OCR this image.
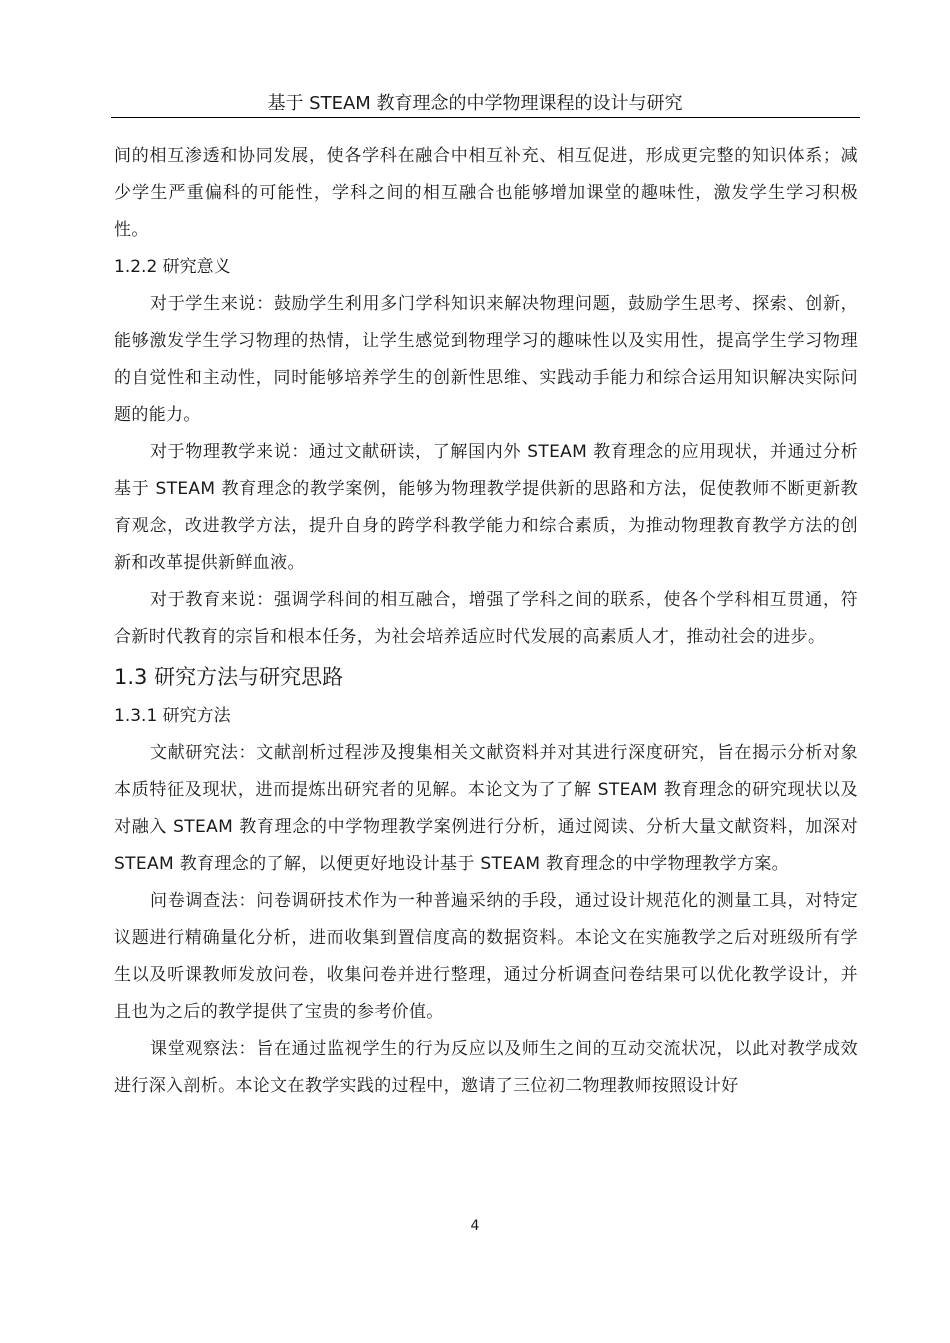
基于 STEAM 教育理念的中学物理课程的设计与研究

间的相互渗透和协同发展，使各学科在融合中相互补充、相互促进，形成更完整的知识体系；减少学生严重偏科的可能性，学科之间的相互融合也能够增加课堂的趣味性，激发学生学习积极性。

1.2.2 研究意义

对于学生来说：鼓励学生利用多门学科知识来解决物理问题，鼓励学生思考、探索、创新，能够激发学生学习物理的热情，让学生感觉到物理学习的趣味性以及实用性，提高学生学习物理的自觉性和主动性，同时能够培养学生的创新性思维、实践动手能力和综合运用知识解决实际问题的能力。

对于物理教学来说：通过文献研读，了解国内外 STEAM 教育理念的应用现状，并通过分析基于 STEAM 教育理念的教学案例，能够为物理教学提供新的思路和方法，促使教师不断更新教育观念，改进教学方法，提升自身的跨学科教学能力和综合素质，为推动物理教育教学方法的创新和改革提供新鲜血液。

对于教育来说：强调学科间的相互融合，增强了学科之间的联系，使各个学科相互贯通，符合新时代教育的宗旨和根本任务，为社会培养适应时代发展的高素质人才，推动社会的进步。

1.3 研究方法与研究思路

1.3.1 研究方法

文献研究法：文献剖析过程涉及搜集相关文献资料并对其进行深度研究，旨在揭示分析对象本质特征及现状，进而提炼出研究者的见解。本论文为了了解 STEAM 教育理念的研究现状以及对融入 STEAM 教育理念的中学物理教学案例进行分析，通过阅读、分析大量文献资料，加深对 STEAM 教育理念的了解，以便更好地设计基于 STEAM 教育理念的中学物理教学方案。

问卷调查法：问卷调研技术作为一种普遍采纳的手段，通过设计规范化的测量工具，对特定议题进行精确量化分析，进而收集到置信度高的数据资料。本论文在实施教学之后对班级所有学生以及听课教师发放问卷，收集问卷并进行整理，通过分析调查问卷结果可以优化教学设计，并且也为之后的教学提供了宝贵的参考价值。

课堂观察法：旨在通过监视学生的行为反应以及师生之间的互动交流状况，以此对教学成效进行深入剖析。本论文在教学实践的过程中，邀请了三位初二物理教师按照设计好

4
